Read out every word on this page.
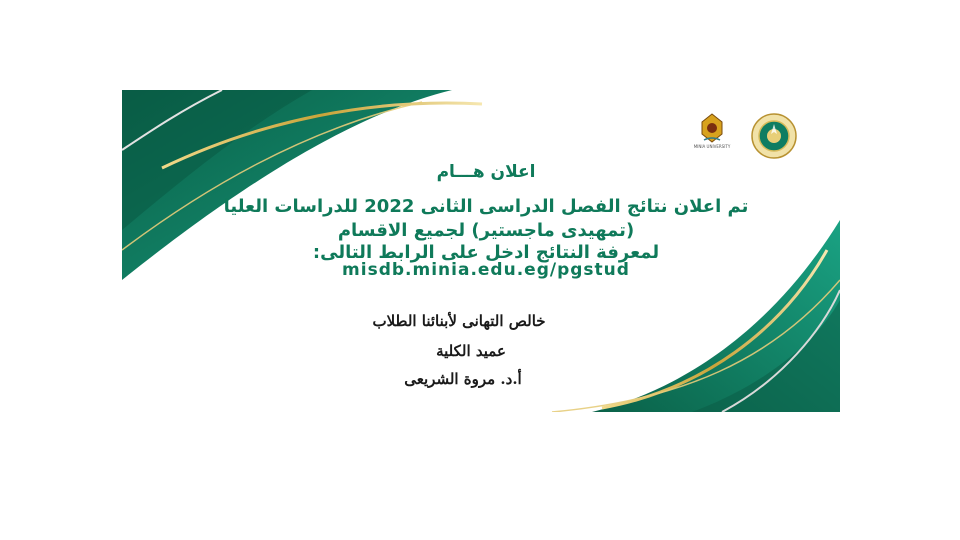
MINIA UNIVERSITY
اعلان هـــام
تم اعلان نتائج الفصل الدراسى الثانى 2022 للدراسات العليا
(تمهيدى ماجستير) لجميع الاقسام
لمعرفة النتائج ادخل على الرابط التالى:
misdb.minia.edu.eg/pgstud
خالص التهانى لأبنائنا الطلاب
عميد الكلية
أ.د. مروة الشريعى
